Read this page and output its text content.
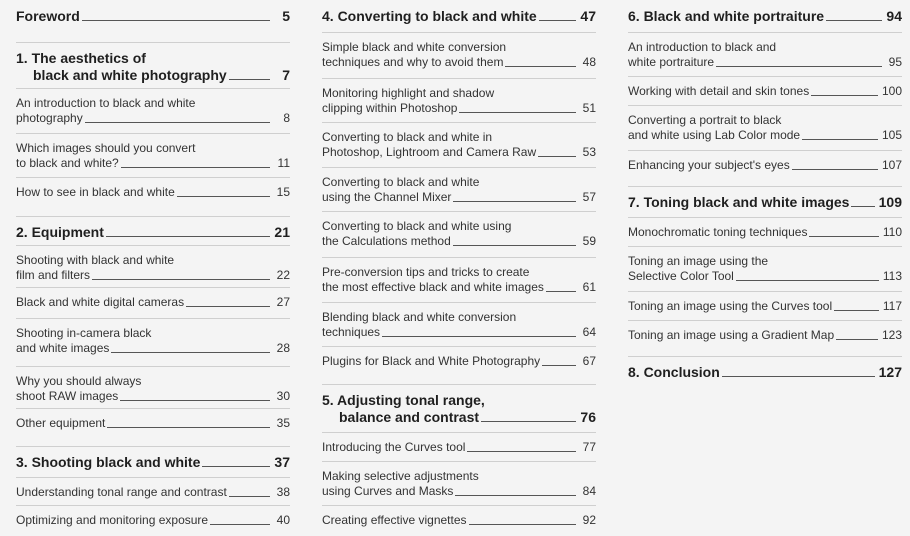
Foreword	5
1. The aesthetics of
black and white photography	7
An introduction to black and white
photography	8
Which images should you convert
to black and white?	11
How to see in black and white	15
2. Equipment	21
Shooting with black and white
film and filters	22
Black and white digital cameras	27
Shooting in-camera black
and white images	28
Why you should always
shoot RAW images	30
Other equipment	35
3. Shooting black and white	37
Understanding tonal range and contrast	38
Optimizing and monitoring exposure	40
4. Converting to black and white	47
Simple black and white conversion
techniques and why to avoid them	48
Monitoring highlight and shadow
clipping within Photoshop	51
Converting to black and white in
Photoshop, Lightroom and Camera Raw	53
Converting to black and white
using the Channel Mixer	57
Converting to black and white using
the Calculations method	59
Pre-conversion tips and tricks to create
the most effective black and white images	61
Blending black and white conversion
techniques	64
Plugins for Black and White Photography	67
5. Adjusting tonal range,
balance and contrast	76
Introducing the Curves tool	77
Making selective adjustments
using Curves and Masks	84
Creating effective vignettes	92
6. Black and white portraiture	94
An introduction to black and
white portraiture	95
Working with detail and skin tones	100
Converting a portrait to black
and white using Lab Color mode	105
Enhancing your subject's eyes	107
7. Toning black and white images 109
Monochromatic toning techniques	110
Toning an image using the
Selective Color Tool	113
Toning an image using the Curves tool	117
Toning an image using a Gradient Map	123
8. Conclusion	127
